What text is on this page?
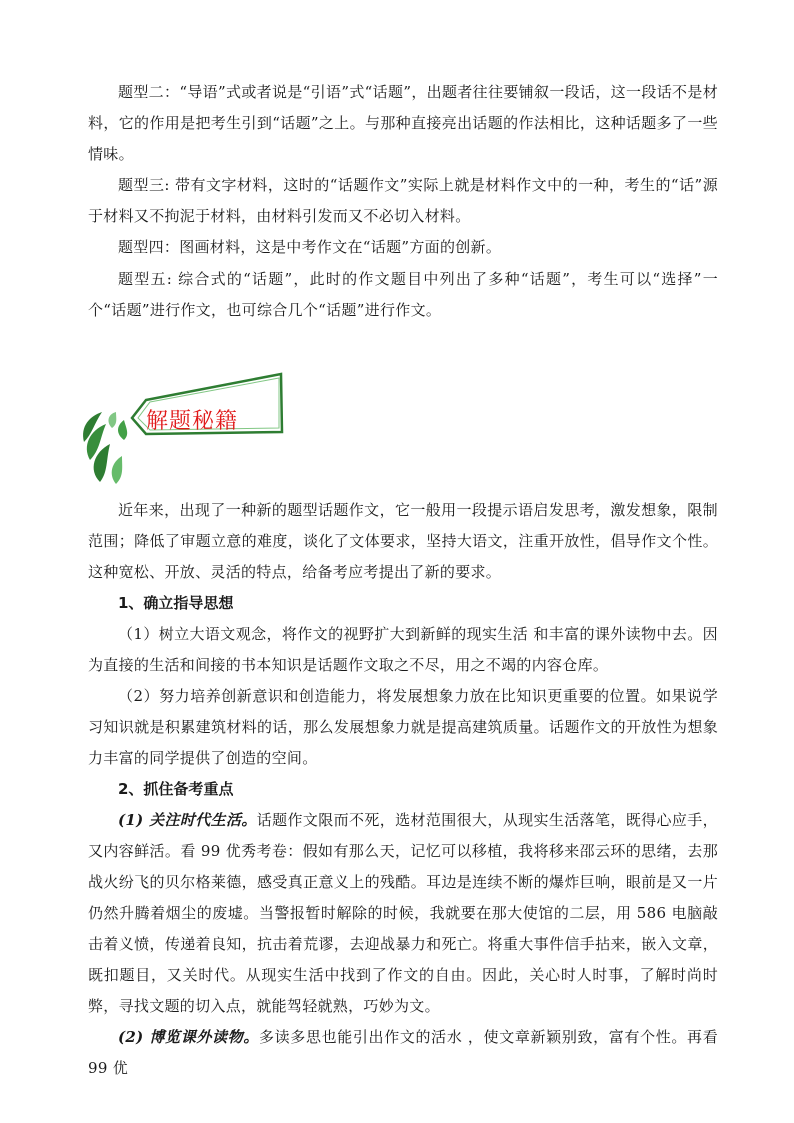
题型二：“导语”式或者说是“引语”式“话题”，出题者往往要铺叙一段话，这一段话不是材料，它的作用是把考生引到“话题”之上。与那种直接亮出话题的作法相比，这种话题多了一些情味。

题型三: 带有文字材料，这时的“话题作文”实际上就是材料作文中的一种，考生的“话”源于材料又不拘泥于材料，由材料引发而又不必切入材料。

题型四：图画材料，这是中考作文在“话题”方面的创新。

题型五: 综合式的“话题”，此时的作文题目中列出了多种“话题”，考生可以“选择”一个“话题”进行作文，也可综合几个“话题”进行作文。

解题秘籍

近年来，出现了一种新的题型话题作文，它一般用一段提示语启发思考，激发想象，限制范围；降低了审题立意的难度，谈化了文体要求，坚持大语文，注重开放性，倡导作文个性。这种宽松、开放、灵活的特点，给备考应考提出了新的要求。

1、确立指导思想

（1）树立大语文观念，将作文的视野扩大到新鲜的现实生活 和丰富的课外读物中去。因为直接的生活和间接的书本知识是话题作文取之不尽，用之不竭的内容仓库。

（2）努力培养创新意识和创造能力，将发展想象力放在比知识更重要的位置。如果说学习知识就是积累建筑材料的话，那么发展想象力就是提高建筑质量。话题作文的开放性为想象力丰富的同学提供了创造的空间。

2、抓住备考重点

(1) 关注时代生活。话题作文限而不死，选材范围很大，从现实生活落笔，既得心应手，又内容鲜活。看 99 优秀考卷：假如有那么天，记忆可以移植，我将移来邵云环的思绪，去那战火纷飞的贝尔格莱德，感受真正意义上的残酷。耳边是连续不断的爆炸巨响，眼前是又一片仍然升腾着烟尘的废墟。当警报暂时解除的时候，我就要在那大使馆的二层，用 586 电脑敲击着义愤，传递着良知，抗击着荒谬，去迎战暴力和死亡。将重大事件信手拈来，嵌入文章，既扣题目，又关时代。从现实生活中找到了作文的自由。因此，关心时人时事，了解时尚时弊，寻找文题的切入点，就能驾轻就熟，巧妙为文。

(2) 博览课外读物。多读多思也能引出作文的活水 ，使文章新颖别致，富有个性。再看 99 优
